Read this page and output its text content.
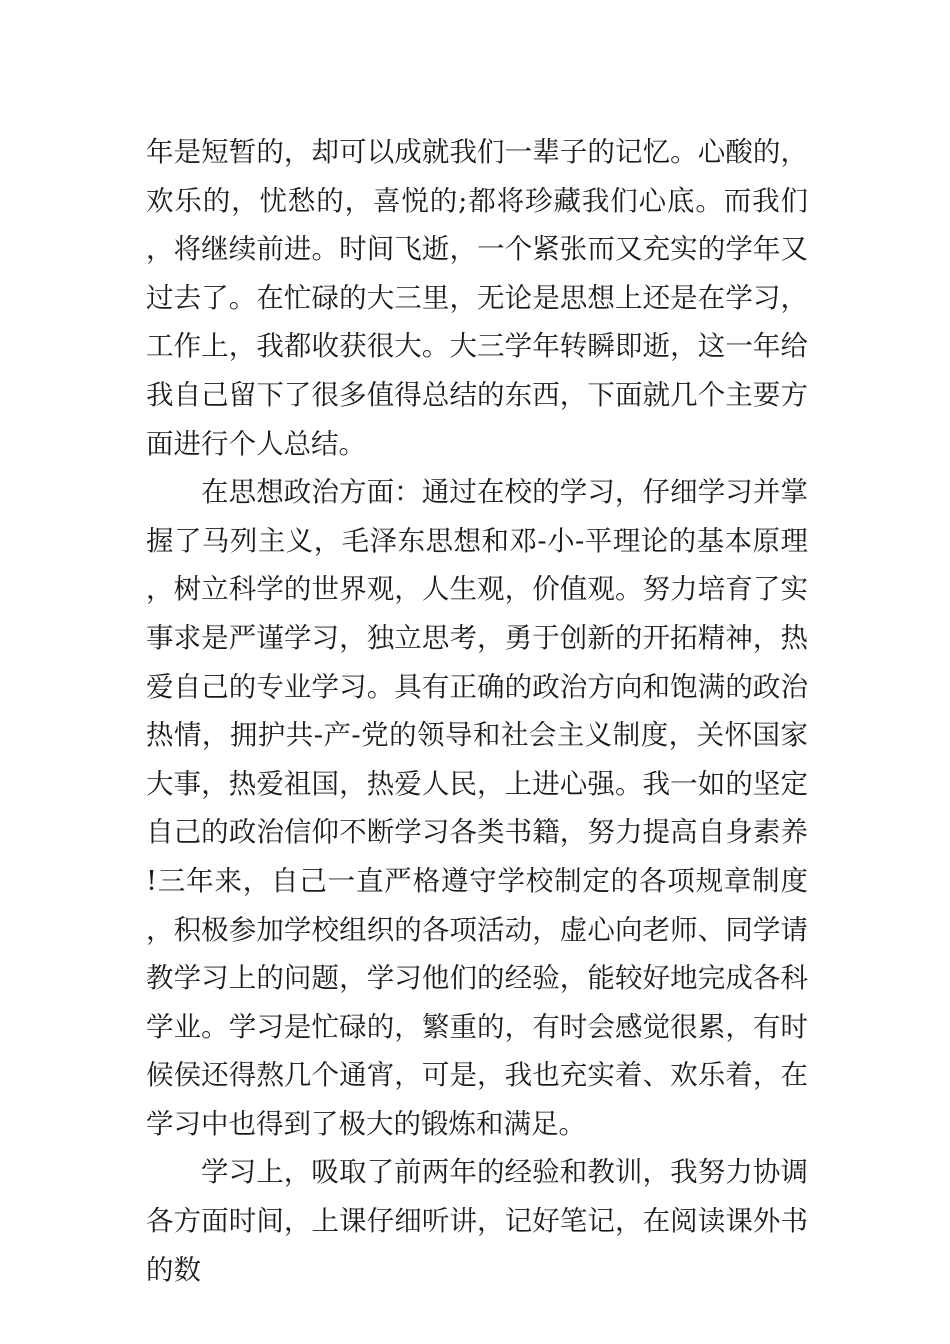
年是短暂的，却可以成就我们一辈子的记忆。心酸的，欢乐的，忧愁的，喜悦的;都将珍藏我们心底。而我们，将继续前进。时间飞逝，一个紧张而又充实的学年又过去了。在忙碌的大三里，无论是思想上还是在学习，工作上，我都收获很大。大三学年转瞬即逝，这一年给我自己留下了很多值得总结的东西，下面就几个主要方面进行个人总结。

在思想政治方面：通过在校的学习，仔细学习并掌握了马列主义，毛泽东思想和邓-小-平理论的基本原理，树立科学的世界观，人生观，价值观。努力培育了实事求是严谨学习，独立思考，勇于创新的开拓精神，热爱自己的专业学习。具有正确的政治方向和饱满的政治热情，拥护共-产-党的领导和社会主义制度，关怀国家大事，热爱祖国，热爱人民，上进心强。我一如的坚定自己的政治信仰不断学习各类书籍，努力提高自身素养!三年来，自己一直严格遵守学校制定的各项规章制度，积极参加学校组织的各项活动，虚心向老师、同学请教学习上的问题，学习他们的经验，能较好地完成各科学业。学习是忙碌的，繁重的，有时会感觉很累，有时候侯还得熬几个通宵，可是，我也充实着、欢乐着，在学习中也得到了极大的锻炼和满足。

学习上，吸取了前两年的经验和教训，我努力协调各方面时间，上课仔细听讲，记好笔记，在阅读课外书的数
